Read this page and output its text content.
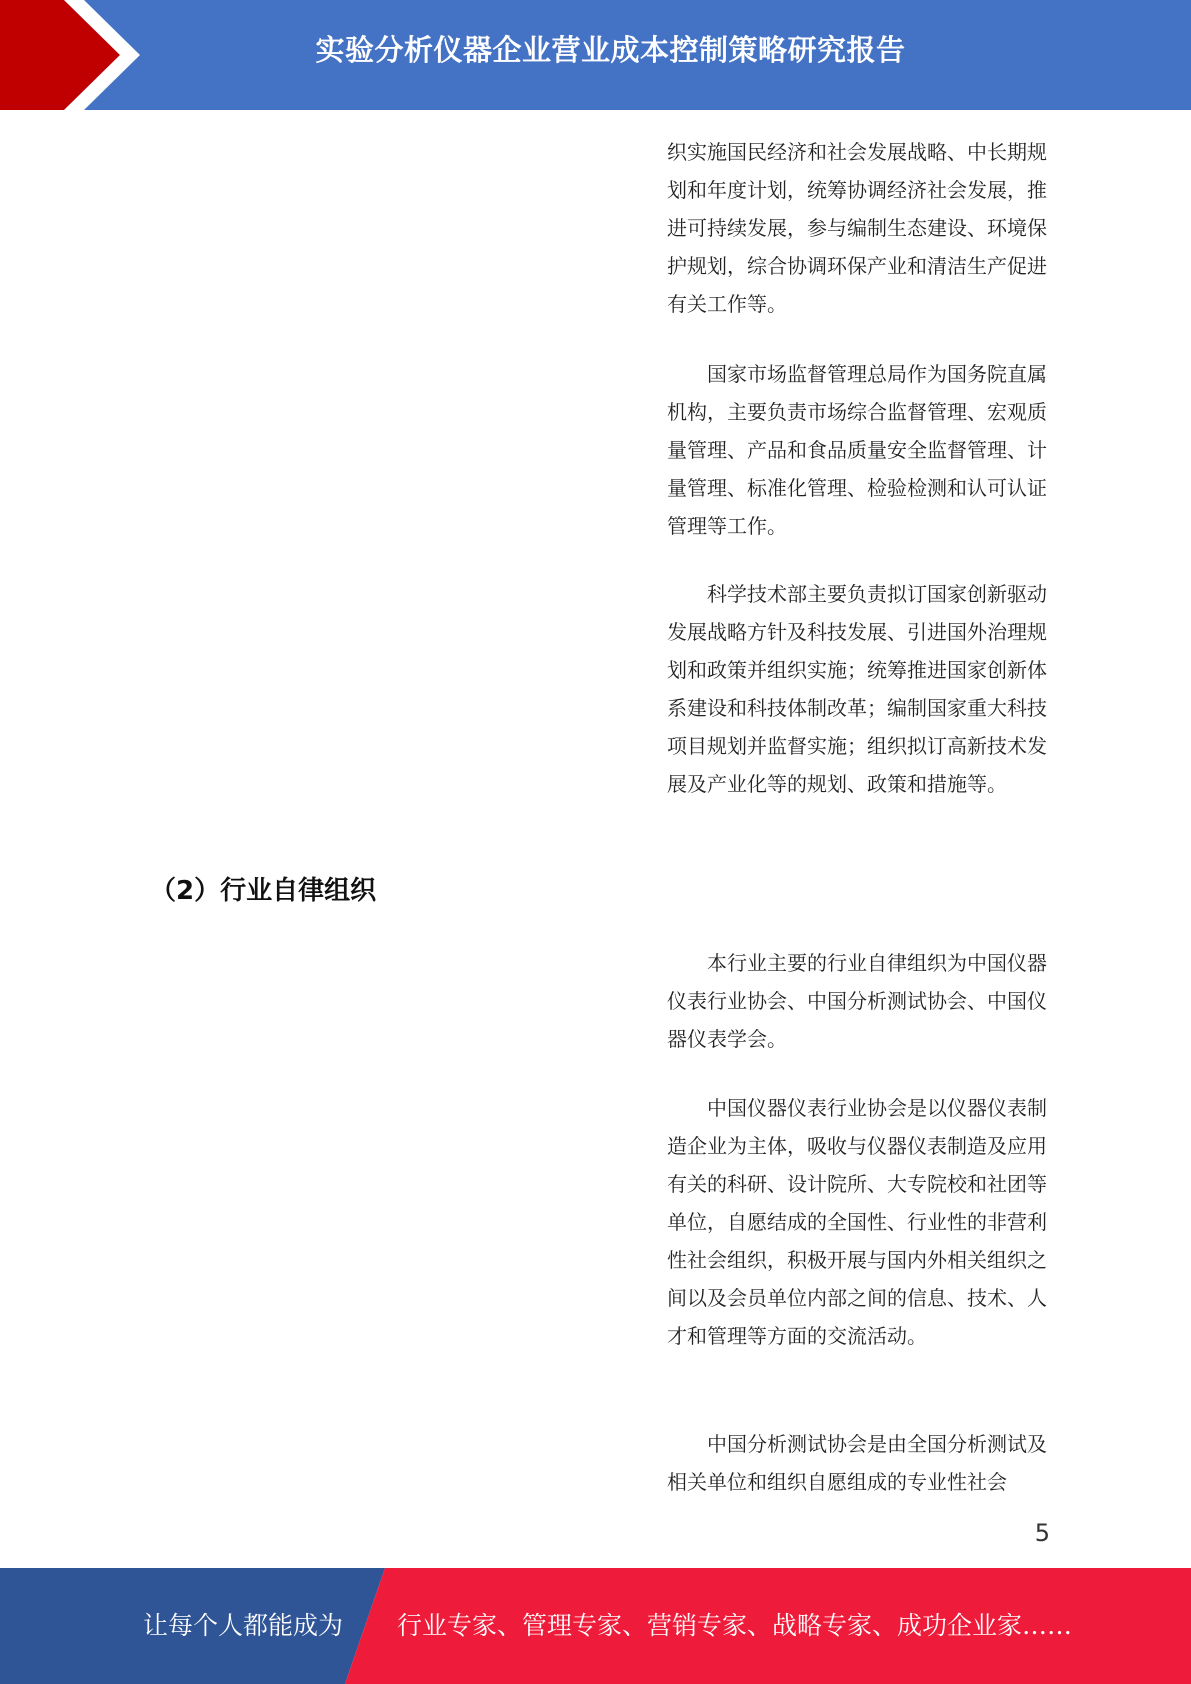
实验分析仪器企业营业成本控制策略研究报告

织实施国民经济和社会发展战略、中长期规划和年度计划，统筹协调经济社会发展，推进可持续发展，参与编制生态建设、环境保护规划，综合协调环保产业和清洁生产促进有关工作等。

国家市场监督管理总局作为国务院直属机构，主要负责市场综合监督管理、宏观质量管理、产品和食品质量安全监督管理、计量管理、标准化管理、检验检测和认可认证管理等工作。

科学技术部主要负责拟订国家创新驱动发展战略方针及科技发展、引进国外治理规划和政策并组织实施；统筹推进国家创新体系建设和科技体制改革；编制国家重大科技项目规划并监督实施；组织拟订高新技术发展及产业化等的规划、政策和措施等。

（2）行业自律组织

本行业主要的行业自律组织为中国仪器仪表行业协会、中国分析测试协会、中国仪器仪表学会。

中国仪器仪表行业协会是以仪器仪表制造企业为主体，吸收与仪器仪表制造及应用有关的科研、设计院所、大专院校和社团等单位，自愿结成的全国性、行业性的非营利性社会组织，积极开展与国内外相关组织之间以及会员单位内部之间的信息、技术、人才和管理等方面的交流活动。

中国分析测试协会是由全国分析测试及相关单位和组织自愿组成的专业性社会

5
让每个人都能成为 行业专家、管理专家、营销专家、战略专家、成功企业家……
